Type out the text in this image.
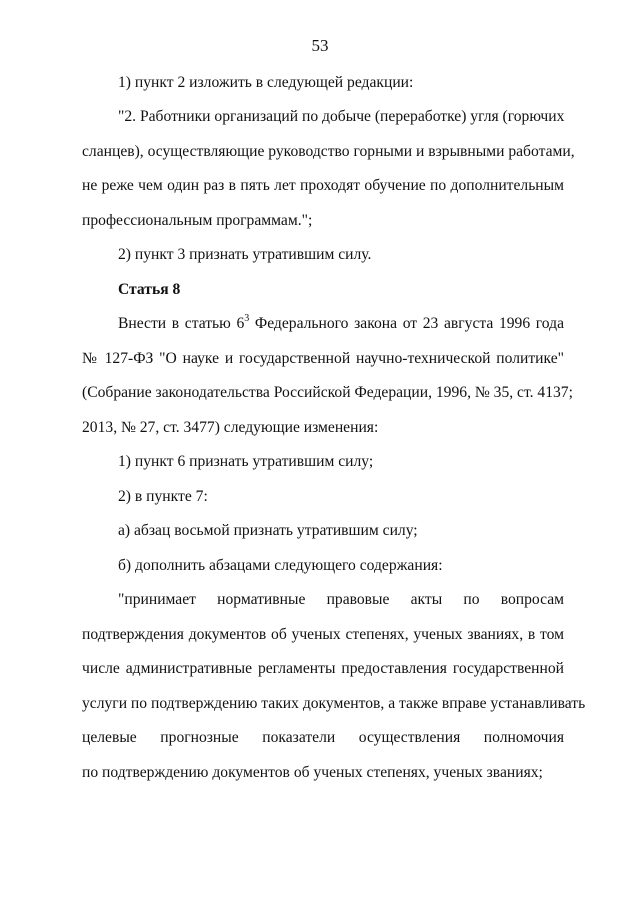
53
1) пункт 2 изложить в следующей редакции:
"2. Работники организаций по добыче (переработке) угля (горючих
сланцев), осуществляющие руководство горными и взрывными работами,
не реже чем один раз в пять лет проходят обучение по дополнительным
профессиональным программам.";
2) пункт 3 признать утратившим силу.
Статья 8
Внести в статью $6^3$ Федерального закона от 23 августа 1996 года
№ 127-ФЗ "О науке и государственной научно-технической политике"
(Собрание законодательства Российской Федерации, 1996, № 35, ст. 4137;
2013, № 27, ст. 3477) следующие изменения:
1) пункт 6 признать утратившим силу;
2) в пункте 7:
а) абзац восьмой признать утратившим силу;
б) дополнить абзацами следующего содержания:
"принимает нормативные правовые акты по вопросам
подтверждения документов об ученых степенях, ученых званиях, в том
числе административные регламенты предоставления государственной
услуги по подтверждению таких документов, а также вправе устанавливать
целевые прогнозные показатели осуществления полномочия
по подтверждению документов об ученых степенях, ученых званиях;
